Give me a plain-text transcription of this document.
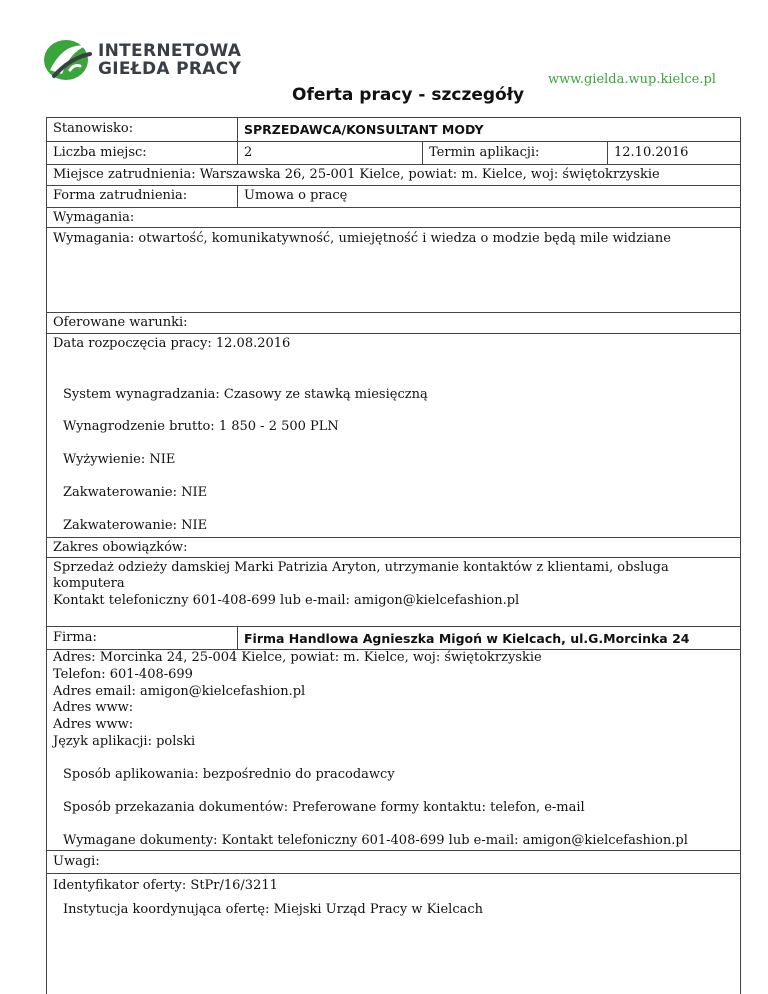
INTERNETOWA
GIEŁDA PRACY
www.gielda.wup.kielce.pl
Oferta pracy - szczegóły
Stanowisko:	SPRZEDAWCA/KONSULTANT MODY
Liczba miejsc:	2	Termin aplikacji:	12.10.2016
Miejsce zatrudnienia: Warszawska 26, 25-001 Kielce, powiat: m. Kielce, woj: świętokrzyskie
Forma zatrudnienia:	Umowa o pracę
Wymagania:
Wymagania: otwartość, komunikatywność, umiejętność i wiedza o modzie będą mile widziane
Oferowane warunki:
Data rozpoczęcia pracy: 12.08.2016
System wynagradzania: Czasowy ze stawką miesięczną
Wynagrodzenie brutto: 1 850 - 2 500 PLN
Wyżywienie: NIE
Zakwaterowanie: NIE
Zakwaterowanie: NIE
Zakres obowiązków:
Sprzedaż odzieży damskiej Marki Patrizia Aryton, utrzymanie kontaktów z klientami, obsluga
komputera
Kontakt telefoniczny 601-408-699 lub e-mail: amigon@kielcefashion.pl
Firma:	Firma Handlowa Agnieszka Migoń w Kielcach, ul.G.Morcinka 24
Adres: Morcinka 24, 25-004 Kielce, powiat: m. Kielce, woj: świętokrzyskie
Telefon: 601-408-699
Adres email: amigon@kielcefashion.pl
Adres www:
Adres www:
Język aplikacji: polski
Sposób aplikowania: bezpośrednio do pracodawcy
Sposób przekazania dokumentów: Preferowane formy kontaktu: telefon, e-mail
Wymagane dokumenty: Kontakt telefoniczny 601-408-699 lub e-mail: amigon@kielcefashion.pl
Uwagi:
Identyfikator oferty: StPr/16/3211
Instytucja koordynująca ofertę: Miejski Urząd Pracy w Kielcach
